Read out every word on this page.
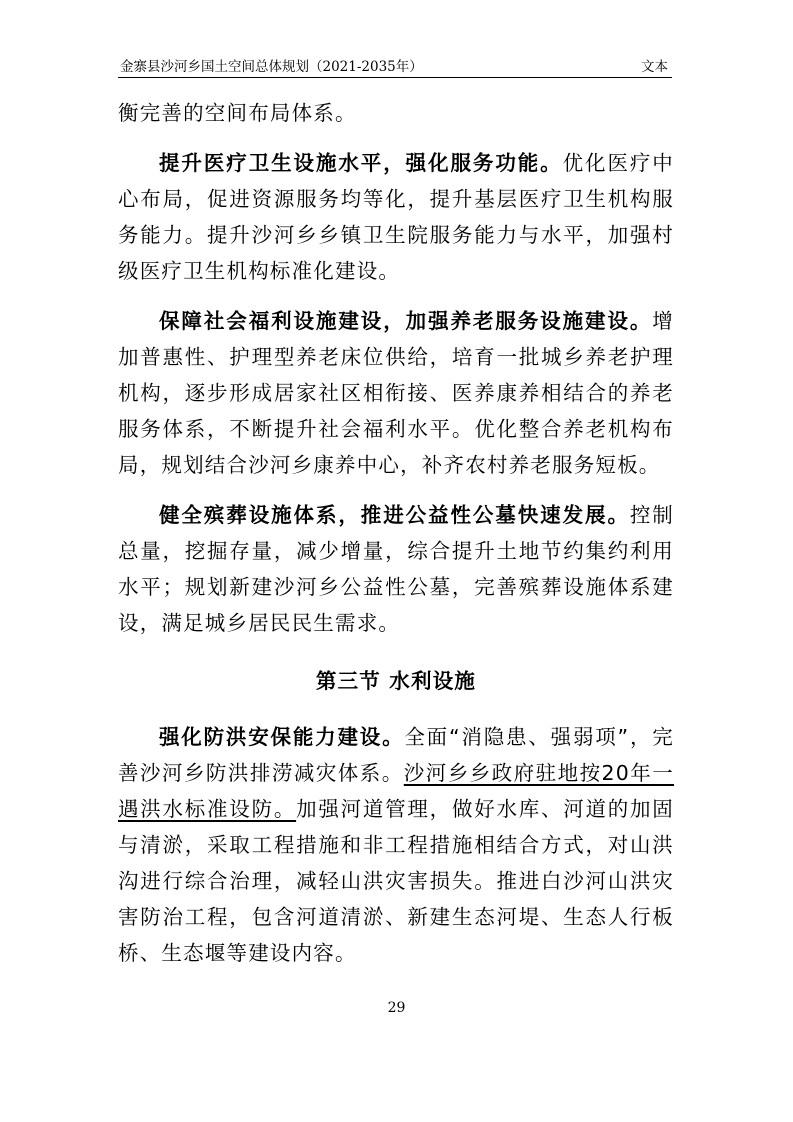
金寨县沙河乡国土空间总体规划（2021-2035年）	文本

衡完善的空间布局体系。

提升医疗卫生设施水平，强化服务功能。优化医疗中心布局，促进资源服务均等化，提升基层医疗卫生机构服务能力。提升沙河乡乡镇卫生院服务能力与水平，加强村级医疗卫生机构标准化建设。

保障社会福利设施建设，加强养老服务设施建设。增加普惠性、护理型养老床位供给，培育一批城乡养老护理机构，逐步形成居家社区相衔接、医养康养相结合的养老服务体系，不断提升社会福利水平。优化整合养老机构布局，规划结合沙河乡康养中心，补齐农村养老服务短板。

健全殡葬设施体系，推进公益性公墓快速发展。控制总量，挖掘存量，减少增量，综合提升土地节约集约利用水平；规划新建沙河乡公益性公墓，完善殡葬设施体系建设，满足城乡居民民生需求。

第三节 水利设施

强化防洪安保能力建设。全面“消隐患、强弱项”，完善沙河乡防洪排涝减灾体系。沙河乡乡政府驻地按20年一遇洪水标准设防。加强河道管理，做好水库、河道的加固与清淤，采取工程措施和非工程措施相结合方式，对山洪沟进行综合治理，减轻山洪灾害损失。推进白沙河山洪灾害防治工程，包含河道清淤、新建生态河堤、生态人行板桥、生态堰等建设内容。

29
